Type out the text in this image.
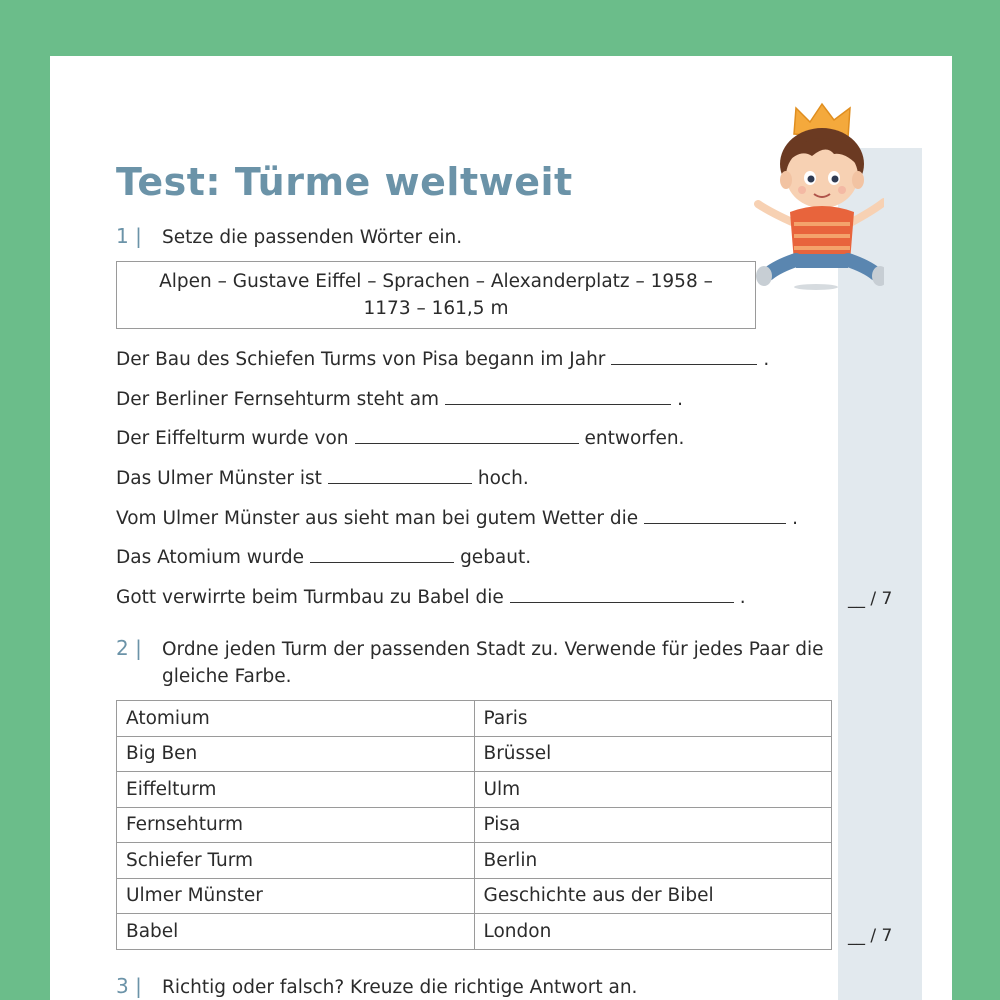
Test: Türme weltweit
1 | Setze die passenden Wörter ein.
Alpen – Gustave Eiffel – Sprachen – Alexanderplatz – 1958 –
1173 – 161,5 m
Der Bau des Schiefen Turms von Pisa begann im Jahr	.
Der Berliner Fernsehturm steht am	.
Der Eiffelturm wurde von	entworfen.
Das Ulmer Münster ist	hoch.
Vom Ulmer Münster aus sieht man bei gutem Wetter die	.
Das Atomium wurde	gebaut.
Gott verwirrte beim Turmbau zu Babel die	.	__ / 7
2 | Ordne jeden Turm der passenden Stadt zu. Verwende für jedes Paar die
gleiche Farbe.
Atomium	Paris
Big Ben	Brüssel
Eiffelturm	Ulm
Fernsehturm	Pisa
Schiefer Turm	Berlin
Ulmer Münster	Geschichte aus der Bibel
Babel	London	__ / 7
3 | Richtig oder falsch? Kreuze die richtige Antwort an.
